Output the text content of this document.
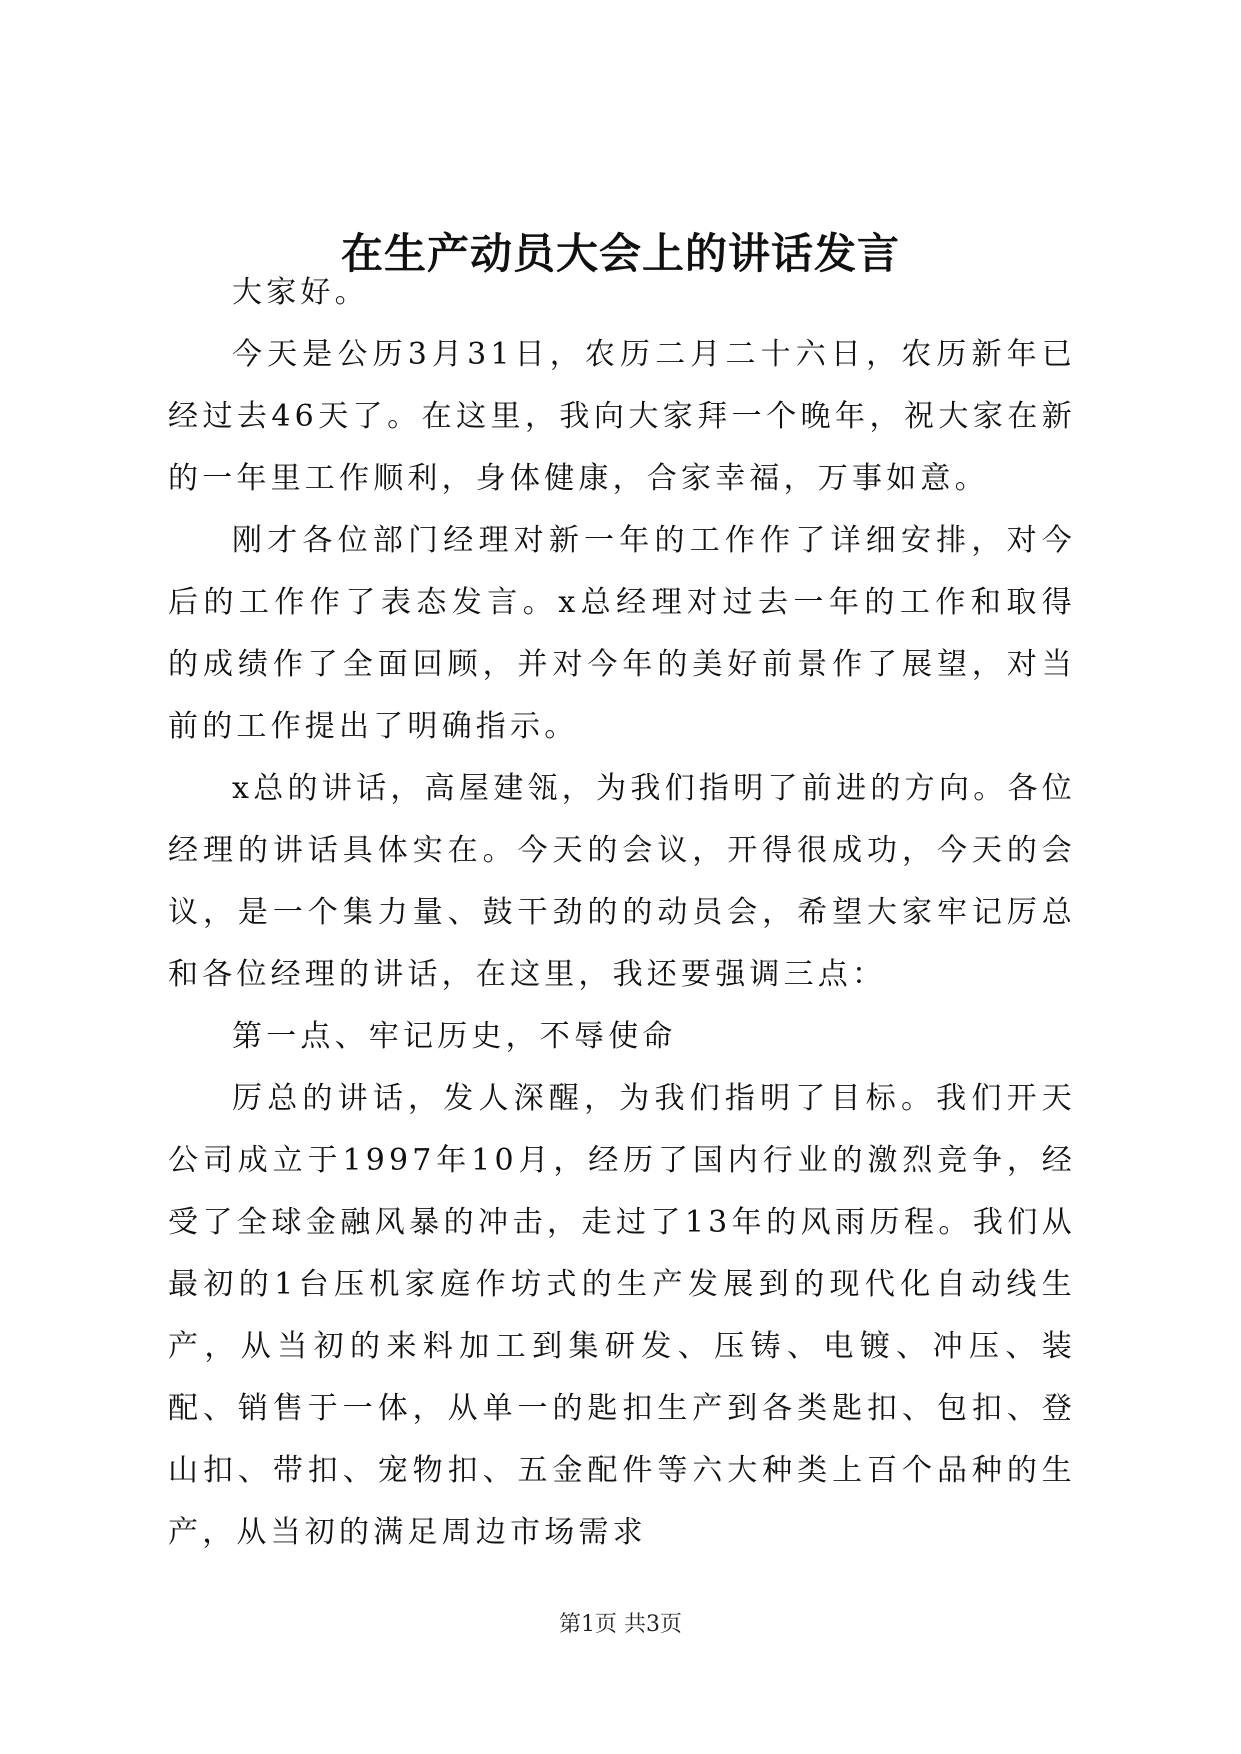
在生产动员大会上的讲话发言

大家好。

今天是公历3月31日，农历二月二十六日，农历新年已经过去46天了。在这里，我向大家拜一个晚年，祝大家在新的一年里工作顺利，身体健康，合家幸福，万事如意。

刚才各位部门经理对新一年的工作作了详细安排，对今后的工作作了表态发言。x总经理对过去一年的工作和取得的成绩作了全面回顾，并对今年的美好前景作了展望，对当前的工作提出了明确指示。

x总的讲话，高屋建瓴，为我们指明了前进的方向。各位经理的讲话具体实在。今天的会议，开得很成功，今天的会议，是一个集力量、鼓干劲的的动员会，希望大家牢记厉总和各位经理的讲话，在这里，我还要强调三点：

第一点、牢记历史，不辱使命

厉总的讲话，发人深醒，为我们指明了目标。我们开天公司成立于1997年10月，经历了国内行业的激烈竞争，经受了全球金融风暴的冲击，走过了13年的风雨历程。我们从最初的1台压机家庭作坊式的生产发展到的现代化自动线生产，从当初的来料加工到集研发、压铸、电镀、冲压、装配、销售于一体，从单一的匙扣生产到各类匙扣、包扣、登山扣、带扣、宠物扣、五金配件等六大种类上百个品种的生产，从当初的满足周边市场需求

第1页 共3页
